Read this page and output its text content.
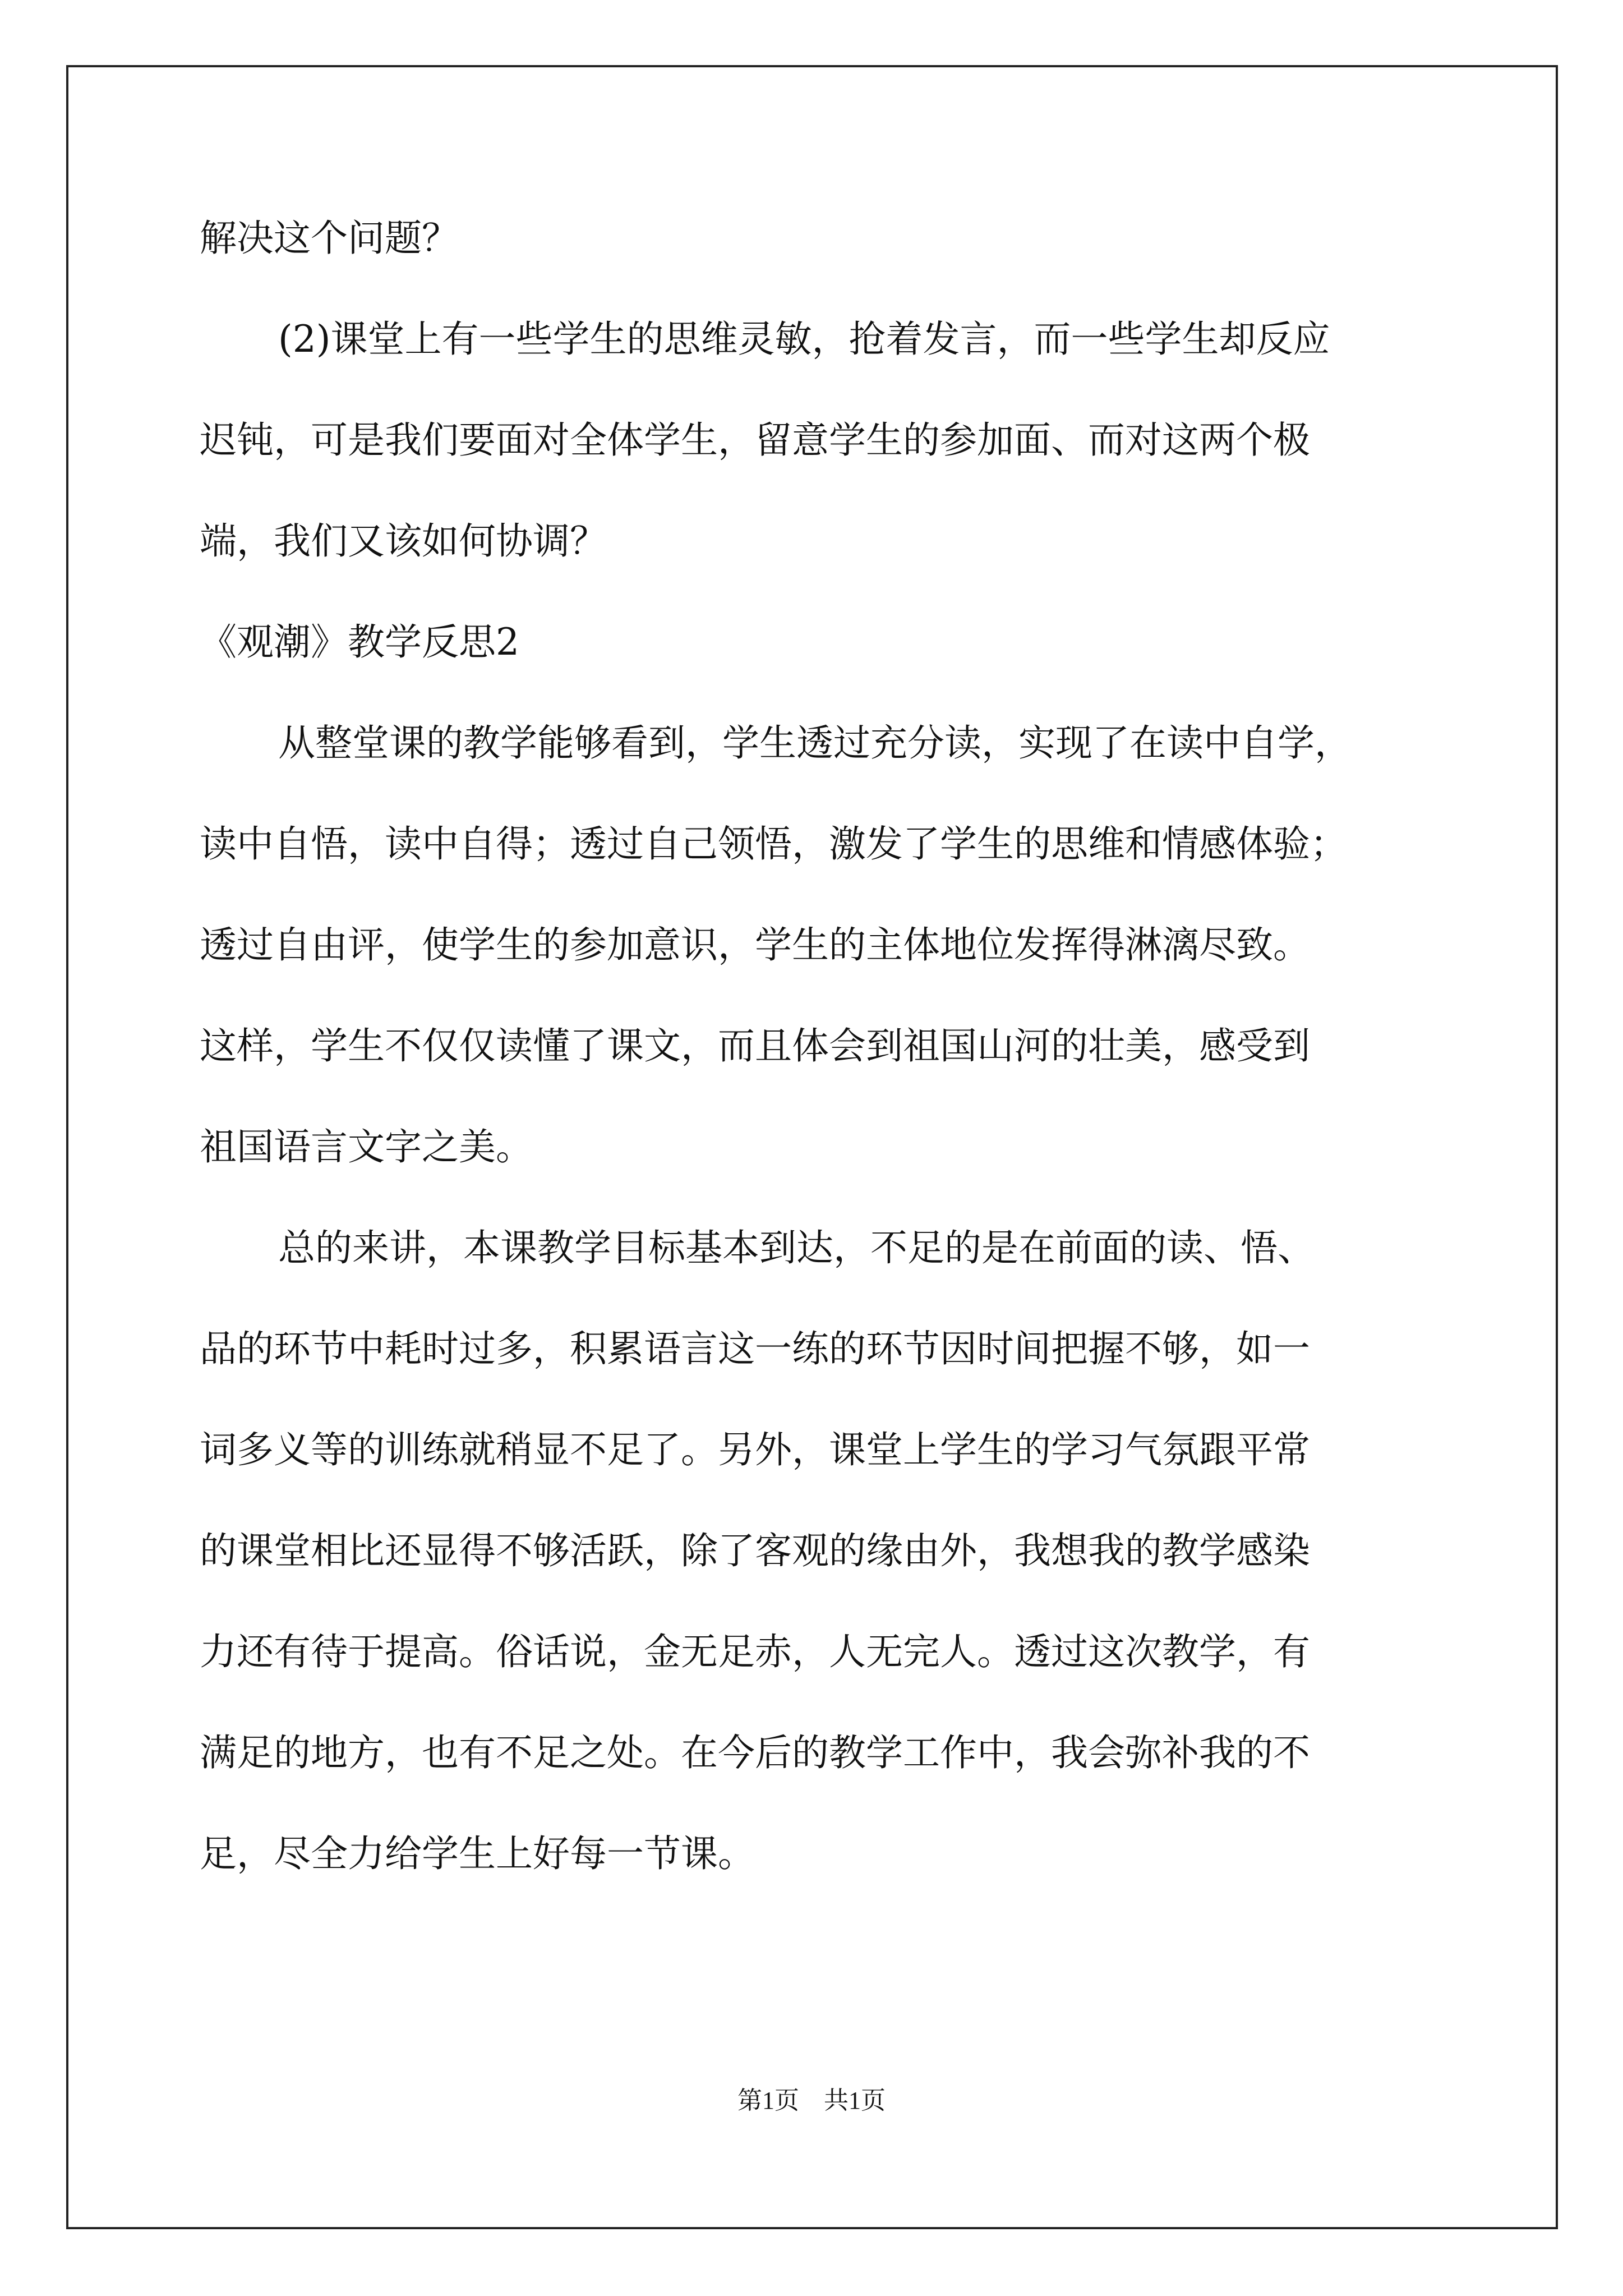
解决这个问题？
(2)课堂上有一些学生的思维灵敏，抢着发言，而一些学生却反应
迟钝，可是我们要面对全体学生，留意学生的参加面、而对这两个极
端，我们又该如何协调？
《观潮》教学反思2
从整堂课的教学能够看到，学生透过充分读，实现了在读中自学，
读中自悟，读中自得；透过自己领悟，激发了学生的思维和情感体验；
透过自由评，使学生的参加意识，学生的主体地位发挥得淋漓尽致。
这样，学生不仅仅读懂了课文，而且体会到祖国山河的壮美，感受到
祖国语言文字之美。
总的来讲，本课教学目标基本到达，不足的是在前面的读、悟、
品的环节中耗时过多，积累语言这一练的环节因时间把握不够，如一
词多义等的训练就稍显不足了。另外，课堂上学生的学习气氛跟平常
的课堂相比还显得不够活跃，除了客观的缘由外，我想我的教学感染
力还有待于提高。俗话说，金无足赤，人无完人。透过这次教学，有
满足的地方，也有不足之处。在今后的教学工作中，我会弥补我的不
足，尽全力给学生上好每一节课。
第1页　共1页
